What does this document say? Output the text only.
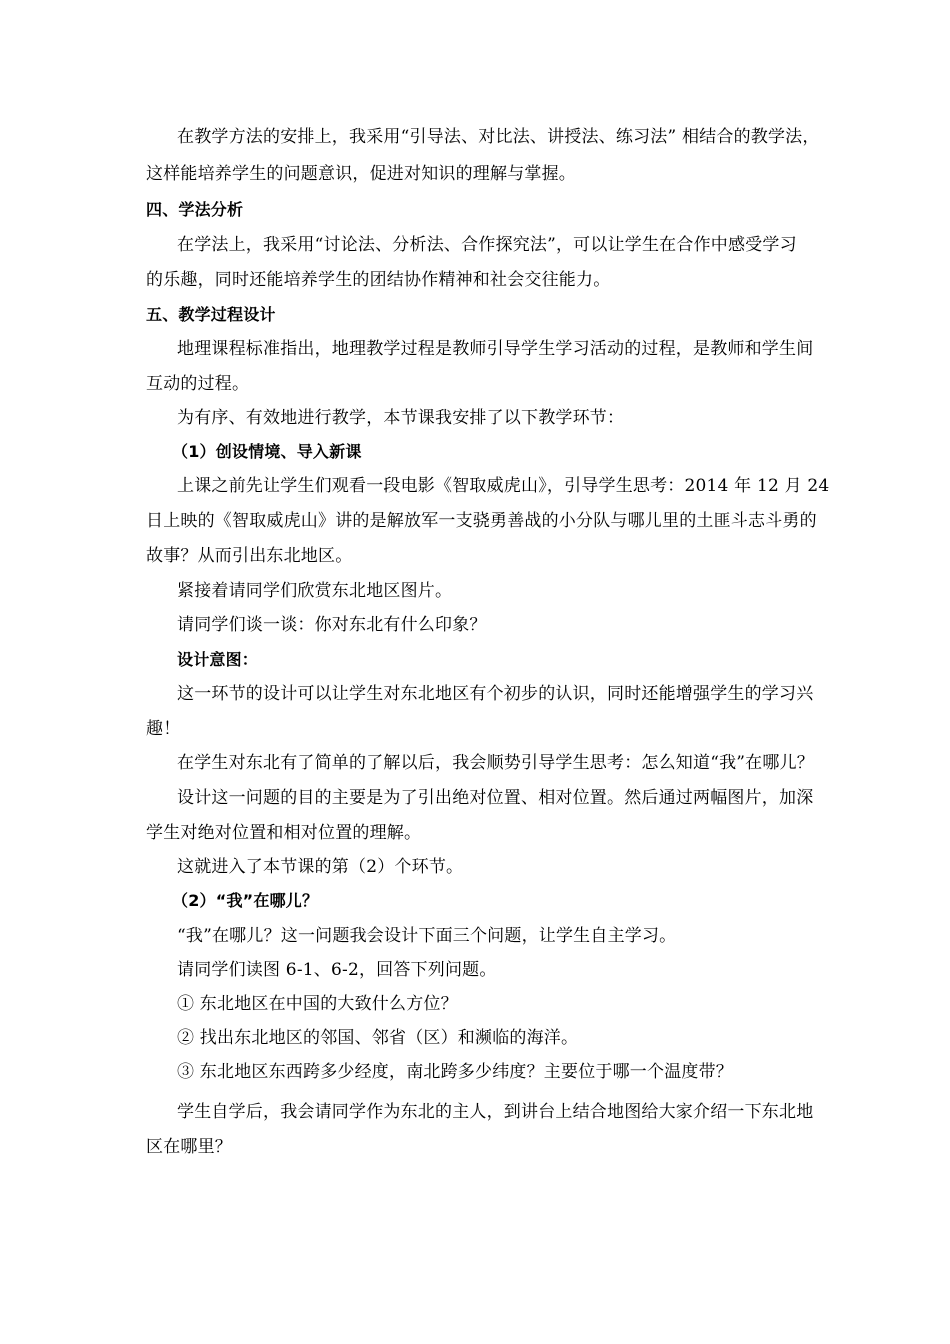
在教学方法的安排上，我采用“引导法、对比法、讲授法、练习法” 相结合的教学法，
这样能培养学生的问题意识，促进对知识的理解与掌握。
四、学法分析
在学法上，我采用“讨论法、分析法、合作探究法”，可以让学生在合作中感受学习
的乐趣，同时还能培养学生的团结协作精神和社会交往能力。
五、教学过程设计
地理课程标准指出，地理教学过程是教师引导学生学习活动的过程，是教师和学生间
互动的过程。
为有序、有效地进行教学，本节课我安排了以下教学环节：
（1）创设情境、导入新课
上课之前先让学生们观看一段电影《智取威虎山》，引导学生思考：2014 年 12 月 24
日上映的《智取威虎山》讲的是解放军一支骁勇善战的小分队与哪儿里的土匪斗志斗勇的
故事？从而引出东北地区。
紧接着请同学们欣赏东北地区图片。
请同学们谈一谈：你对东北有什么印象？
设计意图：
这一环节的设计可以让学生对东北地区有个初步的认识，同时还能增强学生的学习兴
趣！
在学生对东北有了简单的了解以后，我会顺势引导学生思考：怎么知道“我”在哪儿？
设计这一问题的目的主要是为了引出绝对位置、相对位置。然后通过两幅图片，加深
学生对绝对位置和相对位置的理解。
这就进入了本节课的第（2）个环节。
（2）“我”在哪儿？
“我”在哪儿？这一问题我会设计下面三个问题，让学生自主学习。
请同学们读图 6-1、6-2，回答下列问题。
① 东北地区在中国的大致什么方位？
② 找出东北地区的邻国、邻省（区）和濒临的海洋。
③ 东北地区东西跨多少经度，南北跨多少纬度？主要位于哪一个温度带？
学生自学后，我会请同学作为东北的主人，到讲台上结合地图给大家介绍一下东北地
区在哪里？
